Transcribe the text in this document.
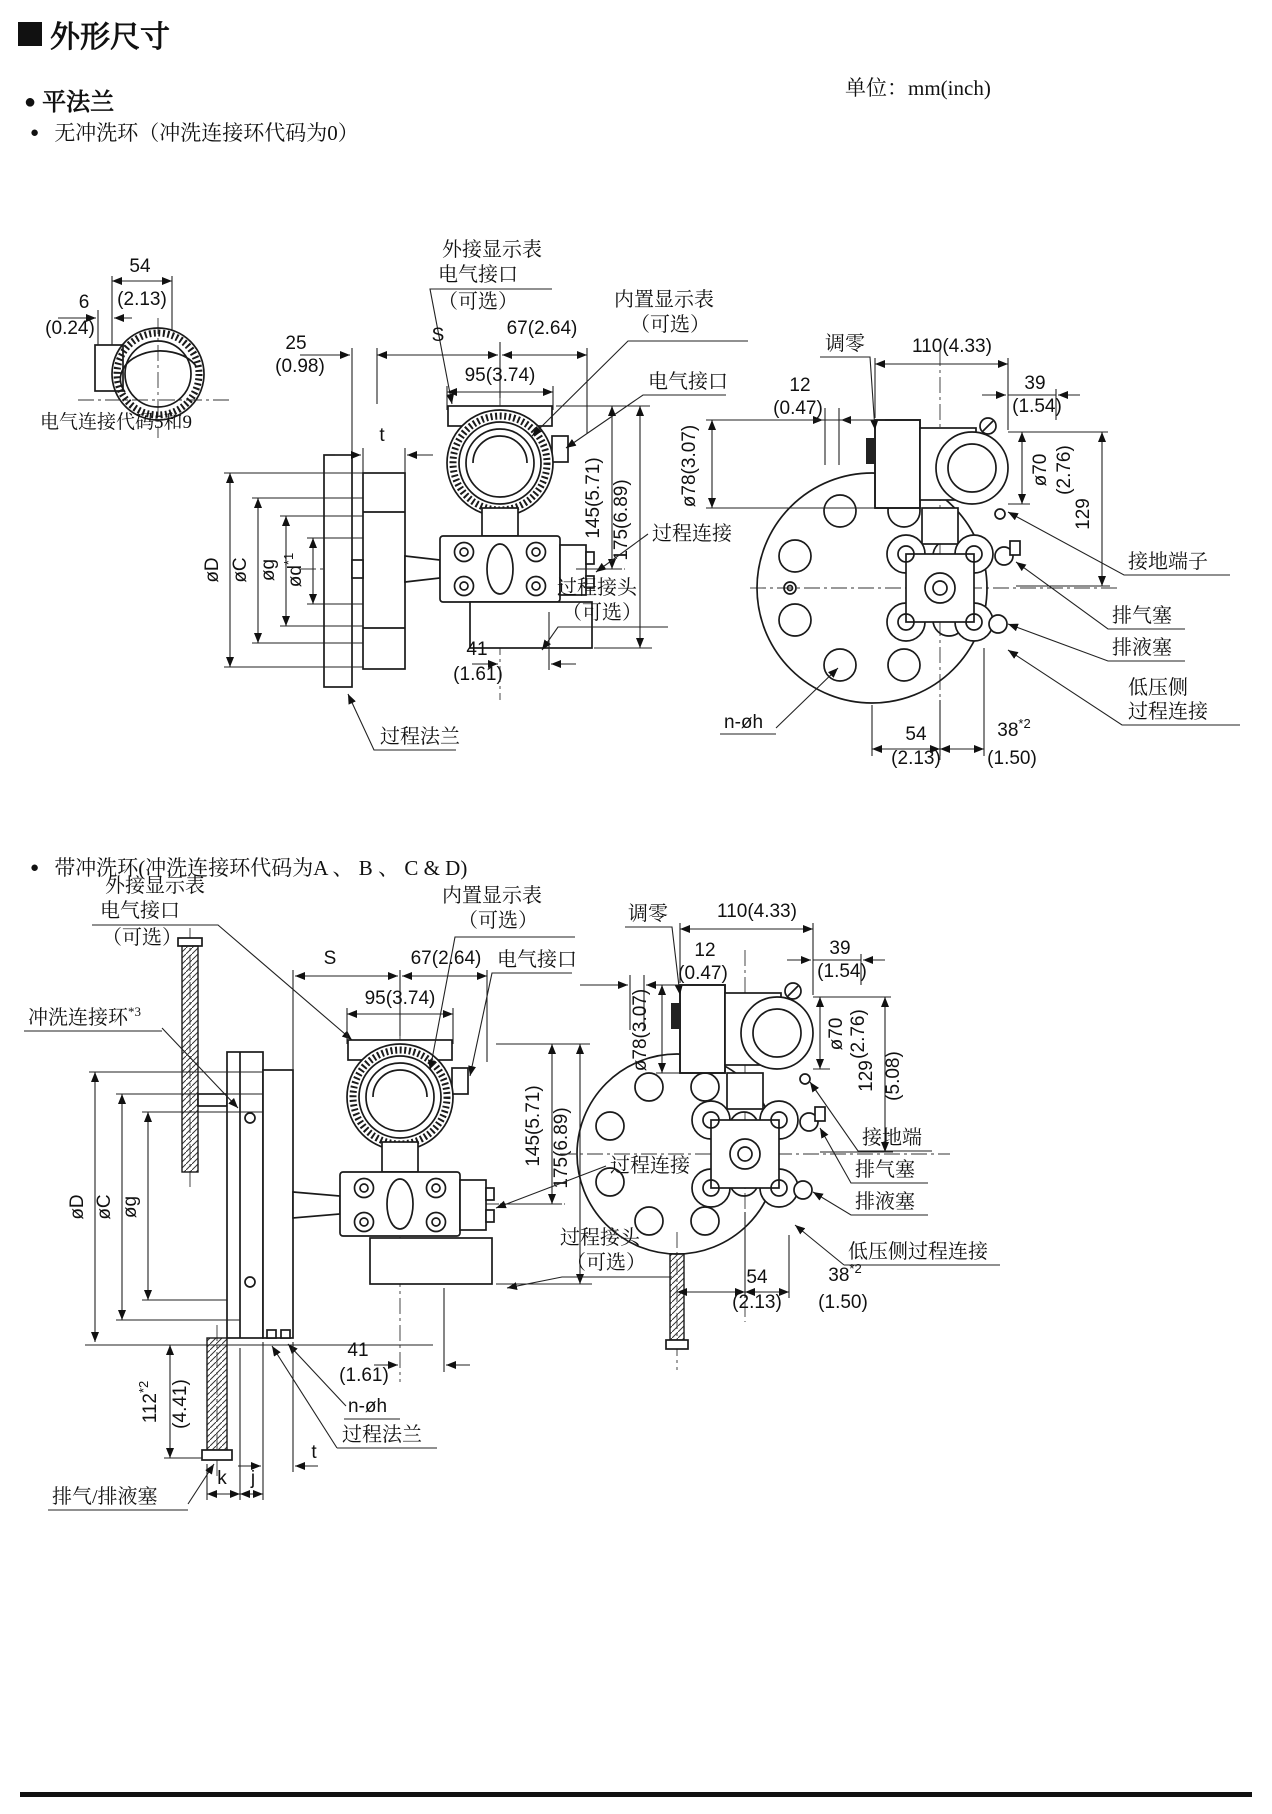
外形尺寸
单位：mm(inch)
● 平法兰
● 无冲洗环（冲洗连接环代码为0）
● 带冲洗环(冲洗连接环代码为A 、 B 、 C & D)
54
(2.13)
6
(0.24)
电气连接代码5和9
外接显示表
电气接口
（可选）	内置显示表
（可选）
电气接口
25
(0.98)
S	67(2.64)
95(3.74)
t
øD øC øg $ød^{*1}$
145(5.71) 175(6.89)
41
(1.61)
过程连接
过程接头
（可选）
过程法兰
调零 110(4.33)
12
(0.47)
39
(1.54)
ø78(3.07)	ø70 (2.76)
129
接地端子
排气塞
排液塞
低压侧
过程连接
n-øh
54
(2.13)
38$^{*2}$
(1.50)
外接显示表
电气接口
（可选）
内置显示表
（可选）
电气接口
冲洗连接环$^{*3}$
S	67(2.64)
95(3.74)
øD øC øg
145(5.71) 175(6.89)
41
(1.61)
过程连接
过程接头
（可选）
n-øh
过程法兰
t
k j
112$^{*2}$	(4.41)
排气/排液塞
调零	110(4.33)
12
(0.47)
39
(1.54)
ø78(3.07)	ø70 (2.76)
129 (5.08)
接地端
排气塞
排液塞
低压侧过程连接
54
(2.13)
38$^{*2}$
(1.50)
